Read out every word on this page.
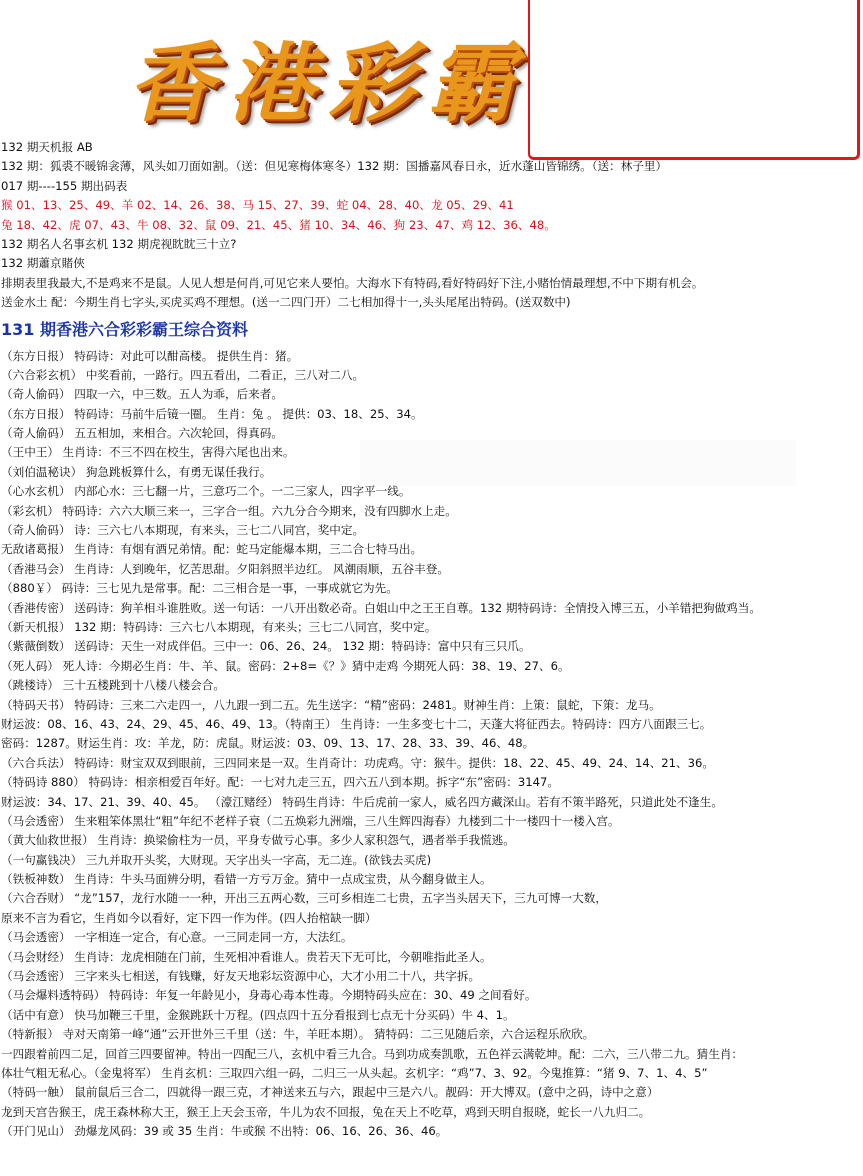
香港彩霸
132 期天机报 AB
132 期：狐裘不暖锦衾薄，风头如刀面如割。（送：但见寒梅体寒冬）132 期：国播嘉风春日永，近水蓬山皆锦绣。（送：林子里）
017 期----155 期出码表
猴 01、13、25、49、羊 02、14、26、38、马 15、27、39、蛇 04、28、40、龙 05、29、41
兔 18、42、虎 07、43、牛 08、32、鼠 09、21、45、猪 10、34、46、狗 23、47、鸡 12、36、48。
132 期名人名事玄机 132 期虎视眈眈三十立?
132 期蕭京賭俠
排期表里我最大,不是鸡来不是鼠。人见人想是何肖,可见它来人要怕。大海水下有特码,看好特码好下注,小赌怡情最理想,不中下期有机会。
送金水土 配：今期生肖七字头,买虎买鸡不理想。(送一二四门开）二七相加得十一,头头尾尾出特码。(送双数中)
131 期香港六合彩彩霸王综合资料
（东方日报） 特码诗：对此可以酣高楼。 提供生肖：猪。
（六合彩玄机） 中奖看前，一路行。四五看出，二看正，三八对二八。
（奇人偷码） 四取一六，中三数。五人为乖，后来者。
（东方日报） 特码诗：马前牛后镜一圈。 生肖：兔 。 提供：03、18、25、34。
（奇人偷码） 五五相加，来相合。六次轮回，得真码。
（王中王） 生肖诗：不三不四在校生，害得六尾也出来。
（刘伯温秘诀） 狗急跳板算什么，有勇无谋任我行。
（心水玄机） 内部心水：三七翻一片，三意巧二个。一二三家人，四字平一线。
（彩玄机） 特码诗：六六大顺三来一，三字合一组。六九分合今期来，没有四脚水上走。
（奇人偷码） 诗：三六七八本期现，有来头，三七二八同宫，奖中定。
无敌诸葛报） 生肖诗：有烟有酒兄弟情。配：蛇马定能爆本期，三二合七特马出。
（香港马会） 生肖诗：人到晚年，忆苦思甜。夕阳斜照半边红。 风潮雨顺，五谷丰登。
（880￥） 码诗：三七见九是常事。配：二三相合是一事，一事成就它为先。
（香港传密） 送码诗：狗羊相斗谁胜败。送一句话：一八开出数必奇。白姐山中之王王自尊。132 期特码诗：全情投入博三五，小羊错把狗做鸡当。
（新天机报） 132 期：特码诗：三六七八本期现，有来头；三七二八同宫，奖中定。
（紫薇倒数） 送码诗：天生一对成伴侣。三中一：06、26、24。 132 期：特码诗：富中只有三只爪。
（死人码） 死人诗：今期必生肖：牛、羊、鼠。密码：2+8=《？》猜中走鸡 今期死人码：38、19、27、6。
（跳楼诗） 三十五楼跳到十八楼八楼会合。
（特码天书） 特码诗：三来二六走四一，八九跟一到二五。先生送字：“精”密码：2481。财神生肖：上策：鼠蛇，下策：龙马。
财运波：08、16、43、24、29、45、46、49、13。（特南王） 生肖诗：一生多变七十二，天蓬大将征西去。特码诗：四方八面跟三七。
密码：1287。财运生肖：攻：羊龙，防：虎鼠。财运波：03、09、13、17、28、33、39、46、48。
（六合兵法） 特码诗：财宝双双到眼前，三四同来是一双。生肖奇计：功虎鸡。守：猴牛。提供：18、22、45、49、24、14、21、36。
（特码诗 880） 特码诗：相亲相爱百年好。配：一七对九走三五，四六五八到本期。拆字“东”密码：3147。
财运波：34、17、21、39、40、45。 （濠江赌经） 特码生肖诗：牛后虎前一家人，威名四方藏深山。若有不策半路死，只道此处不逢生。
（马会透密） 生来粗笨体黑壮“粗”年纪不老样子衰（二五焕彩九洲端，三八生辉四海春）九楼到二十一楼四十一楼入宫。
（黄大仙救世报） 生肖诗：换梁偷柱为一员，平身专做亏心事。多少人家积怨气，遇者举手我慌逃。
（一句赢钱决） 三九并取开头奖，大财现。天字出头一字高，无二连。(欲钱去买虎)
（铁板神数） 生肖诗：牛头马面辨分明，看错一方亏万金。猜中一点成宝贵，从今翻身做主人。
（六合吞财） “龙”157，龙行水随一一种，开出三五两心数，三可乡相连二七贵，五字当头居天下，三九可博一大数，
原来不言为看它，生肖如今以看好，定下四一作为伴。(四人抬棺缺一脚）
（马会透密） 一字相连一定合，有心意。一三同走同一方，大法红。
（马会财经） 生肖诗：龙虎相随在门前，生死相冲看谁人。贵若天下无可比，今朝唯指此圣人。
（马会透密） 三字来头七相送，有钱赚，好友天地彩坛资源中心，大才小用二十八，共字拆。
（马会爆料透特码） 特码诗：年复一年龄见小，身毒心毒本性毒。今期特码头应在：30、49 之间看好。
（话中有意） 快马加鞭三千里，金猴跳跃十万程。(四点四十五分看报到七点无十分买码）牛 4、1。
（特新报） 寺对天南第一峰“通”云开世外三千里（送：牛，羊旺本期）。 猜特码：二三见随后亲，六合运程乐欣欣。
一四跟着前四二足，回首三四要留神。特出一四配三八，玄机中看三九合。马到功成奏凯歌，五色祥云满乾坤。配：二六，三八带二九。猜生肖：
体壮气粗无私心。（金鬼将军） 生肖玄机：三取四六组一码，二归三一从头起。玄机字：“鸡”7、3、92。今鬼推算：“猪 9、7、1、4、5”
（特码一触） 鼠前鼠后三合二，四就得一跟三克，才神送来五与六，跟起中三是六八。靓码：开大博双。(意中之码，诗中之意）
龙到天宫告猴王，虎王森林称大王，猴王上天会玉帝，牛儿为农不回报，兔在天上不吃草，鸡到天明自报晓，蛇长一八九归二。
（开门见山） 劲爆龙风码：39 或 35 生肖：牛或猴 不出特：06、16、26、36、46。
